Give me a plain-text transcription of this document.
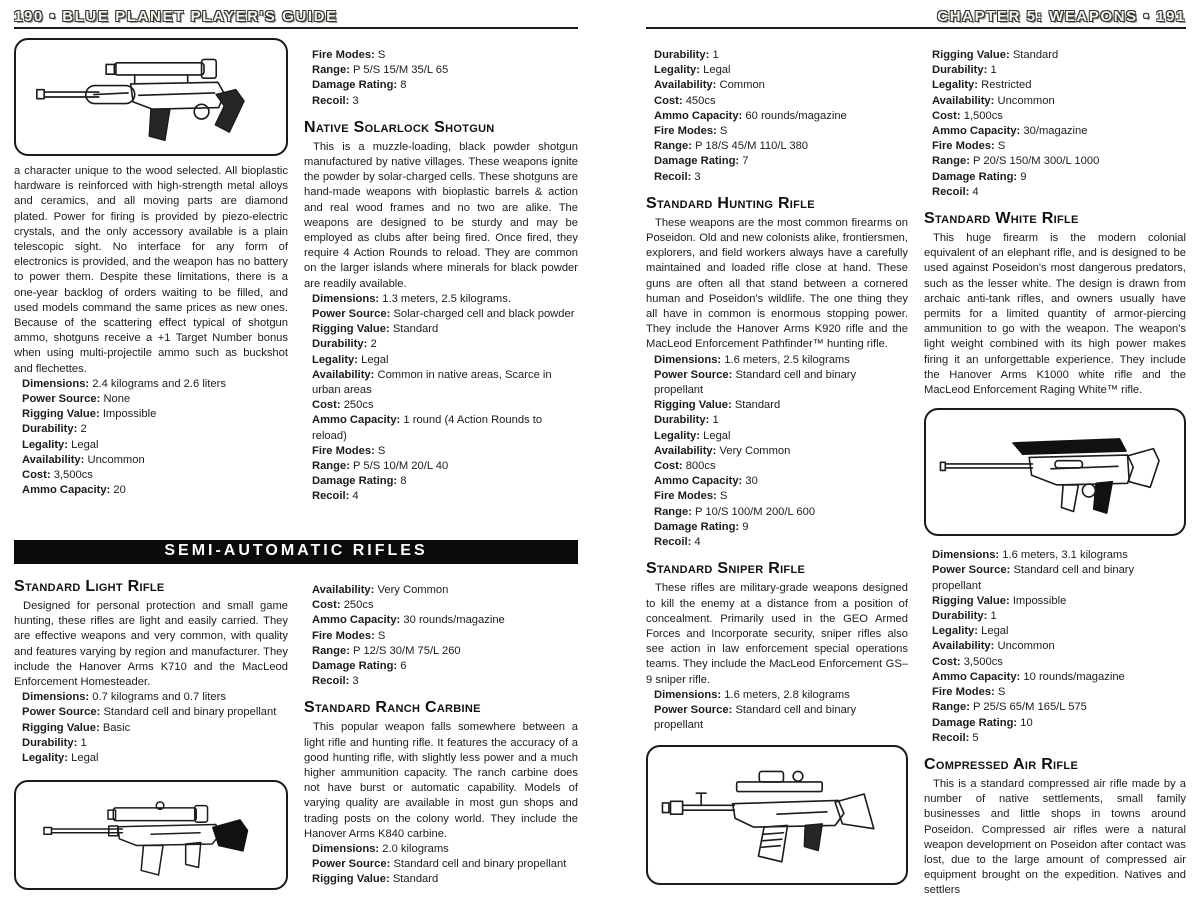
190 • BLUE PLANET PLAYER'S GUIDE

a character unique to the wood selected. All bioplastic hardware is reinforced with high-strength metal alloys and ceramics, and all moving parts are diamond plated. Power for firing is provided by piezo-electric crystals, and the only accessory available is a plain telescopic sight. No interface for any form of electronics is provided, and the weapon has no battery to power them. Despite these limitations, there is a one-year backlog of orders waiting to be filled, and used models command the same prices as new ones. Because of the scattering effect typical of shotgun ammo, shotguns receive a +1 Target Number bonus when using multi-projectile ammo such as buckshot and flechettes.

Dimensions: 2.4 kilograms and 2.6 liters
Power Source: None
Rigging Value: Impossible
Durability: 2
Legality: Legal
Availability: Uncommon
Cost: 3,500cs
Ammo Capacity: 20
Fire Modes: S
Range: P 5/S 15/M 35/L 65
Damage Rating: 8
Recoil: 3
Native Solarlock Shotgun

This is a muzzle-loading, black powder shotgun manufactured by native villages. These weapons ignite the powder by solar-charged cells. These shotguns are hand-made weapons with bioplastic barrels & action and real wood frames and no two are alike. The weapons are designed to be sturdy and may be employed as clubs after being fired. Once fired, they require 4 Action Rounds to reload. They are common on the larger islands where minerals for black powder are readily available.

Dimensions: 1.3 meters, 2.5 kilograms.
Power Source: Solar-charged cell and black powder
Rigging Value: Standard
Durability: 2
Legality: Legal
Availability: Common in native areas, Scarce in urban areas
Cost: 250cs
Ammo Capacity: 1 round (4 Action Rounds to reload)
Fire Modes: S
Range: P 5/S 10/M 20/L 40
Damage Rating: 8
Recoil: 4
SEMI-AUTOMATIC RIFLES
Standard Light Rifle

Designed for personal protection and small game hunting, these rifles are light and easily carried. They are effective weapons and very common, with quality and features varying by region and manufacturer. They include the Hanover Arms K710 and the MacLeod Enforcement Homesteader.

Dimensions: 0.7 kilograms and 0.7 liters
Power Source: Standard cell and binary propellant
Rigging Value: Basic
Durability: 1
Legality: Legal
Availability: Very Common
Cost: 250cs
Ammo Capacity: 30 rounds/magazine
Fire Modes: S
Range: P 12/S 30/M 75/L 260
Damage Rating: 6
Recoil: 3
Standard Ranch Carbine

This popular weapon falls somewhere between a light rifle and hunting rifle. It features the accuracy of a good hunting rifle, with slightly less power and a much higher ammunition capacity. The ranch carbine does not have burst or automatic capability. Models of varying quality are available in most gun shops and trading posts on the colony world. They include the Hanover Arms K840 carbine.

Dimensions: 2.0 kilograms
Power Source: Standard cell and binary propellant
Rigging Value: Standard
CHAPTER 5: WEAPONS • 191
Durability: 1
Legality: Legal
Availability: Common
Cost: 450cs
Ammo Capacity: 60 rounds/magazine
Fire Modes: S
Range: P 18/S 45/M 110/L 380
Damage Rating: 7
Recoil: 3
Standard Hunting Rifle

These weapons are the most common firearms on Poseidon. Old and new colonists alike, frontiersmen, explorers, and field workers always have a carefully maintained and loaded rifle close at hand. These guns are often all that stand between a cornered human and Poseidon's wildlife. The one thing they all have in common is enormous stopping power. They include the Hanover Arms K920 rifle and the MacLeod Enforcement Pathfinder™ hunting rifle.

Dimensions: 1.6 meters, 2.5 kilograms
Power Source: Standard cell and binary propellant
Rigging Value: Standard
Durability: 1
Legality: Legal
Availability: Very Common
Cost: 800cs
Ammo Capacity: 30
Fire Modes: S
Range: P 10/S 100/M 200/L 600
Damage Rating: 9
Recoil: 4
Standard Sniper Rifle

These rifles are military-grade weapons designed to kill the enemy at a distance from a position of concealment. Primarily used in the GEO Armed Forces and Incorporate security, sniper rifles also see action in law enforcement special operations teams. They include the MacLeod Enforcement GS–9 sniper rifle.

Dimensions: 1.6 meters, 2.8 kilograms
Power Source: Standard cell and binary propellant
Rigging Value: Standard
Durability: 1
Legality: Restricted
Availability: Uncommon
Cost: 1,500cs
Ammo Capacity: 30/magazine
Fire Modes: S
Range: P 20/S 150/M 300/L 1000
Damage Rating: 9
Recoil: 4
Standard White Rifle

This huge firearm is the modern colonial equivalent of an elephant rifle, and is designed to be used against Poseidon's most dangerous predators, such as the lesser white. The design is drawn from archaic anti-tank rifles, and owners usually have permits for a limited quantity of armor-piercing ammunition to go with the weapon. The weapon's light weight combined with its high power makes firing it an unforgettable experience. They include the Hanover Arms K1000 white rifle and the MacLeod Enforcement Raging White™ rifle.

Dimensions: 1.6 meters, 3.1 kilograms
Power Source: Standard cell and binary propellant
Rigging Value: Impossible
Durability: 1
Legality: Legal
Availability: Uncommon
Cost: 3,500cs
Ammo Capacity: 10 rounds/magazine
Fire Modes: S
Range: P 25/S 65/M 165/L 575
Damage Rating: 10
Recoil: 5
Compressed Air Rifle

This is a standard compressed air rifle made by a number of native settlements, small family businesses and little shops in towns around Poseidon. Compressed air rifles were a natural weapon development on Poseidon after contact was lost, due to the large amount of compressed air equipment brought on the expedition. Natives and settlers
